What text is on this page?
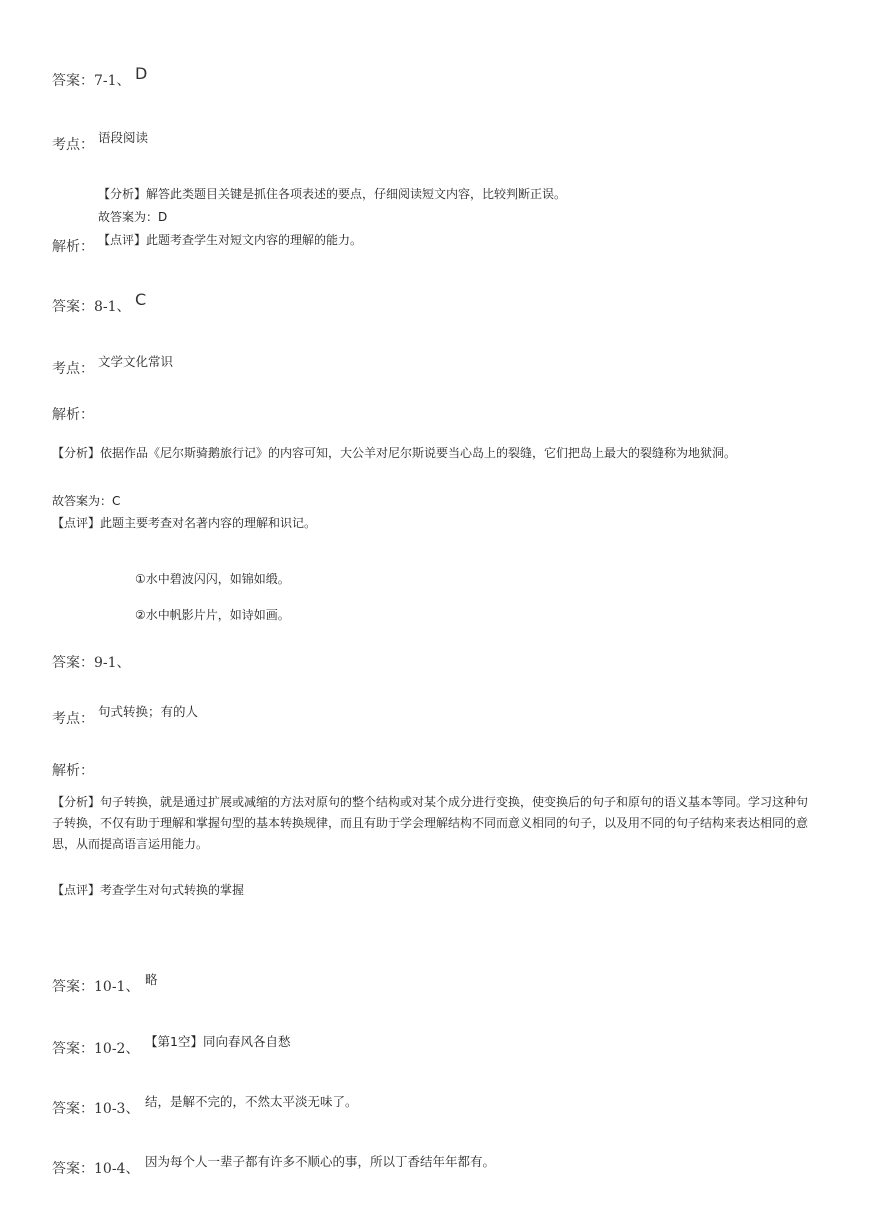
答案：7-1、 D
考点： 语段阅读
【分析】解答此类题目关键是抓住各项表述的要点，仔细阅读短文内容，比较判断正误。
故答案为：D
解析： 【点评】此题考查学生对短文内容的理解的能力。
答案：8-1、 C
考点： 文学文化常识
解析：
【分析】依据作品《尼尔斯骑鹅旅行记》的内容可知，大公羊对尼尔斯说要当心岛上的裂缝，它们把岛上最大的裂缝称为地狱洞。
故答案为：C
【点评】此题主要考查对名著内容的理解和识记。
①水中碧波闪闪，如锦如缎。
②水中帆影片片，如诗如画。
答案：9-1、
考点： 句式转换；有的人
解析：
【分析】句子转换，就是通过扩展或减缩的方法对原句的整个结构或对某个成分进行变换，使变换后的句子和原句的语义基本等同。学习这种句子转换，不仅有助于理解和掌握句型的基本转换规律，而且有助于学会理解结构不同而意义相同的句子，以及用不同的句子结构来表达相同的意思，从而提高语言运用能力。
【点评】考查学生对句式转换的掌握
答案：10-1、 略
答案：10-2、 【第1空】同向春风各自愁
答案：10-3、 结，是解不完的，不然太平淡无味了。
答案：10-4、 因为每个人一辈子都有许多不顺心的事，所以丁香结年年都有。
